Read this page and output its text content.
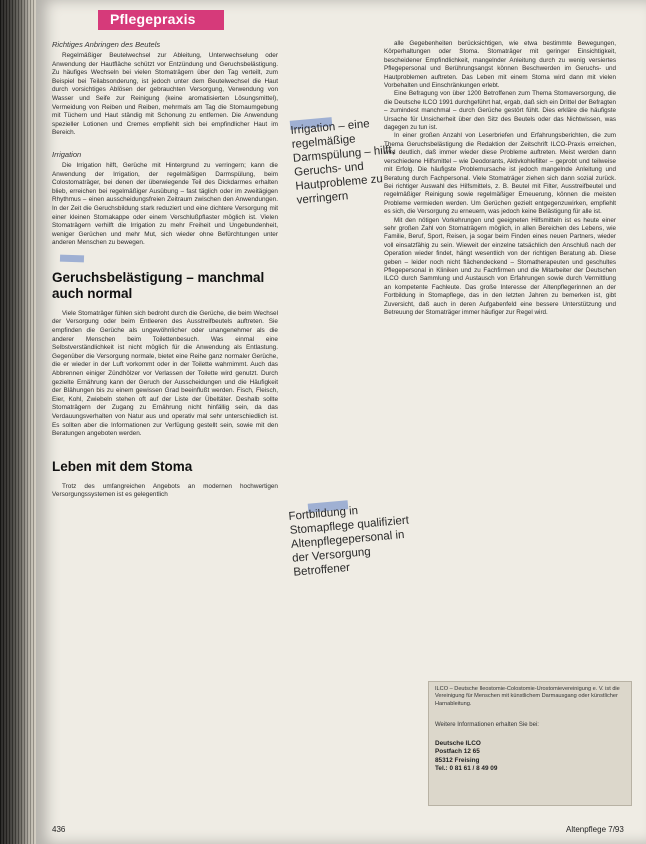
Pflegepraxis

Richtiges Anbringen des Beutels

Regelmäßiger Beutelwechsel zur Ableitung, Unterwechselung oder Anwendung der Hautfläche schützt vor Entzündung und Geruchsbelästigung. Zu häufiges Wechseln bei vielen Stomaträgern über den Tag verteilt, zum Beispiel bei Teilabsonderung, ist jedoch unter dem Beutelwechsel die Haut durch vorsichtiges Ablösen der gebrauchten Versorgung, Verwendung von Wasser und Seife zur Reinigung (keine aromatisierten Lösungsmittel), Vermeidung von Reiben und Reiben, mehrmals am Tag die Stomaumgebung mit Tüchern und Haut ständig mit Schonung zu entfernen. Die Anwendung spezieller Lotionen und Cremes empfiehlt sich bei empfindlicher Haut im Bereich.

Irrigation

Die Irrigation hilft, Gerüche mit Hintergrund zu verringern; kann die Anwendung der Irrigation, der regelmäßigen Darmspülung, beim Colostomaträger, bei denen der überwiegende Teil des Dickdarmes erhalten blieb, erreichen bei regelmäßiger Ausübung – fast täglich oder im zweitägigen Rhythmus – einen ausscheidungsfreien Zeitraum zwischen den Anwendungen. In der Zeit die Geruchsbildung stark reduziert und eine dichtere Versorgung mit einer kleinen Stomakappe oder einem Verschlußpflaster möglich ist. Vielen Stomaträgern verhilft die Irrigation zu mehr Freiheit und Ungebundenheit, weniger Gerüchen und mehr Mut, sich wieder ohne Befürchtungen unter anderen Menschen zu bewegen.

Geruchsbelästigung – manchmal auch normal

Viele Stomaträger fühlen sich bedroht durch die Gerüche, die beim Wechsel der Versorgung oder beim Entleeren des Ausstreifbeutels auftreten. Sie empfinden die Gerüche als ungewöhnlicher oder unangenehmer als die anderer Menschen beim Toilettenbesuch. Was einmal eine Selbstverständlichkeit ist nicht möglich für die Anwendung als Entlastung. Gegenüber die Versorgung normale, bietet eine Reihe ganz normaler Gerüche, die er wieder in der Luft vorkommt oder in der Toilette wahrnimmt. Auch das Abbrennen einiger Zündhölzer vor Verlassen der Toilette wird genutzt. Durch gezielte Ernährung kann der Geruch der Ausscheidungen und die Häufigkeit der Blähungen bis zu einem gewissen Grad beeinflußt werden. Fisch, Fleisch, Eier, Kohl, Zwiebeln stehen oft auf der Liste der Übeltäter. Deshalb sollte Stomaträgern der Zugang zu Ernährung nicht hinfällig sein, da das Verdauungsverhalten von Natur aus und operativ mal sehr unterschiedlich ist. Es sollten aber die Informationen zur Verfügung gestellt sein, sowie mit den Beratungen angeboten werden.

Leben mit dem Stoma

Trotz des umfangreichen Angebots an modernen hochwertigen Versorgungssystemen ist es gelegentlich

Irrigation – eine regelmäßige Darmspülung – hilft, Geruchs- und Hautprobleme zu verringern
Fortbildung in Stomapflege qualifiziert Altenpflegepersonal in der Versorgung Betroffener

alle Gegebenheiten berücksichtigen, wie etwa bestimmte Bewegungen, Körperhaltungen oder Stoma. Stomaträger mit geringer Einsichtigkeit, bescheidener Empfindlichkeit, mangelnder Anleitung durch zu wenig versiertes Pflegepersonal und Berührungsangst können Beschwerden im Geruchs- und Hautproblemen auftreten. Das Leben mit einem Stoma wird dann mit vielen Vorbehalten und Einschränkungen erlebt.

Eine Befragung von über 1200 Betroffenen zum Thema Stomaversorgung, die die Deutsche ILCO 1991 durchgeführt hat, ergab, daß sich ein Drittel der Befragten – zumindest manchmal – durch Gerüche gestört fühlt. Dies erkläre die häufigste Ursache für Unsicherheit über den Sitz des Beutels oder das Nichtwissen, was dagegen zu tun ist.

In einer großen Anzahl von Leserbriefen und Erfahrungsberichten, die zum Thema Geruchsbelästigung die Redaktion der Zeitschrift ILCO-Praxis erreichen, wird deutlich, daß immer wieder diese Probleme auftreten. Meist werden dann verschiedene Hilfsmittel – wie Deodorants, Aktivkohlefilter – geprobt und teilweise mit Erfolg. Die häufigste Problemursache ist jedoch mangelnde Anleitung und Beratung durch Fachpersonal. Viele Stomaträger ziehen sich dann sozial zurück. Bei richtiger Auswahl des Hilfsmittels, z. B. Beutel mit Filter, Ausstreifbeutel und regelmäßiger Reinigung sowie regelmäßiger Erneuerung, können die meisten Probleme vermieden werden. Um Gerüchen gezielt entgegenzuwirken, empfiehlt es sich, die Versorgung zu erneuern, was jedoch keine Belästigung für alle ist.

Mit den nötigen Vorkehrungen und geeigneten Hilfsmitteln ist es heute einer sehr großen Zahl von Stomaträgern möglich, in allen Bereichen des Lebens, wie Familie, Beruf, Sport, Reisen, ja sogar beim Finden eines neuen Partners, wieder voll einsatzfähig zu sein. Wieweit der einzelne tatsächlich den Anschluß nach der Operation wieder findet, hängt wesentlich von der richtigen Beratung ab. Diese geben – leider noch nicht flächendeckend – Stomatherapeuten und geschultes Pflegepersonal in Kliniken und zu Fachfirmen und die Mitarbeiter der Deutschen ILCO durch Sammlung und Austausch von Erfahrungen sowie durch Vermittlung an kompetente Fachleute. Das große Interesse der Altenpflegerinnen an der Fortbildung in Stomapflege, das in den letzten Jahren zu bemerken ist, gibt Zuversicht, daß auch in deren Aufgabenfeld eine bessere Unterstützung und Betreuung der Stomaträger immer häufiger zur Regel wird.

ILCO – Deutsche Ileostomie-Colostomie-Urostomievereinigung e. V. ist die Vereinigung für Menschen mit künstlichem Darmausgang oder künstlicher Harnableitung.
Weitere Informationen erhalten Sie bei:
Deutsche ILCO
Postfach 12 65
85312 Freising
Tel.: 0 81 61 / 8 49 09
436	Altenpflege 7/93
